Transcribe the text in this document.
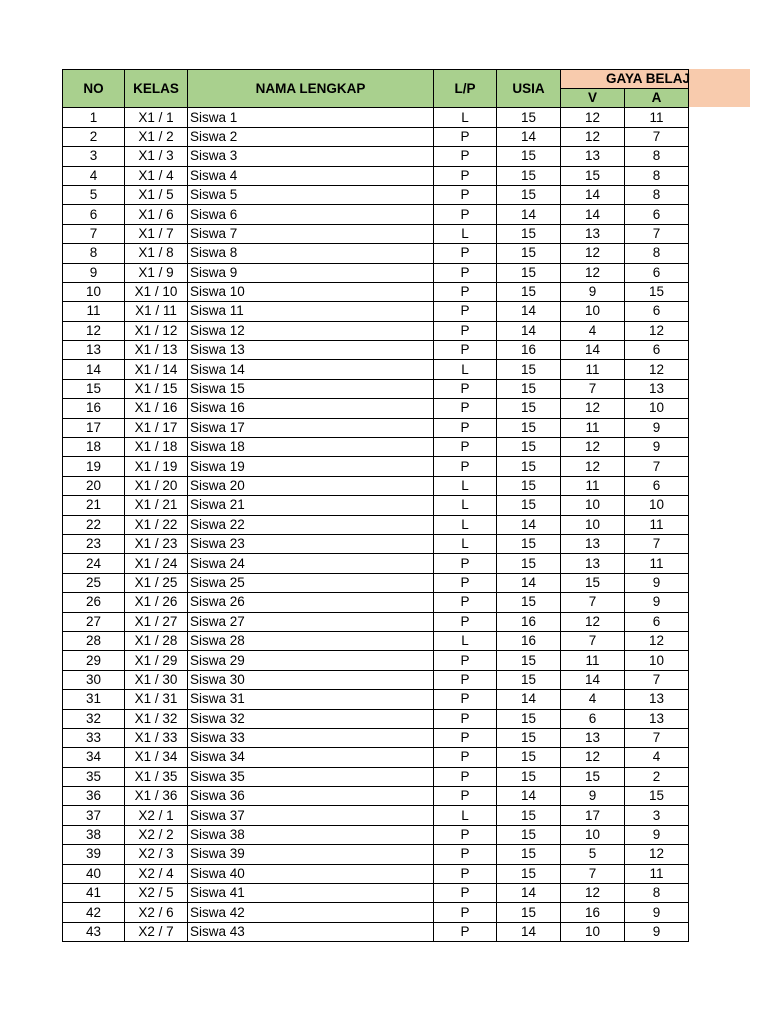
NO	KELAS	NAMA LENGKAP	L/P	USIA	GAYA BELAJ	
					V	A
1	X1 / 1	Siswa 1	L	15	12	11
2	X1 / 2	Siswa 2	P	14	12	7
3	X1 / 3	Siswa 3	P	15	13	8
4	X1 / 4	Siswa 4	P	15	15	8
5	X1 / 5	Siswa 5	P	15	14	8
6	X1 / 6	Siswa 6	P	14	14	6
7	X1 / 7	Siswa 7	L	15	13	7
8	X1 / 8	Siswa 8	P	15	12	8
9	X1 / 9	Siswa 9	P	15	12	6
10	X1 / 10	Siswa 10	P	15	9	15
11	X1 / 11	Siswa 11	P	14	10	6
12	X1 / 12	Siswa 12	P	14	4	12
13	X1 / 13	Siswa 13	P	16	14	6
14	X1 / 14	Siswa 14	L	15	11	12
15	X1 / 15	Siswa 15	P	15	7	13
16	X1 / 16	Siswa 16	P	15	12	10
17	X1 / 17	Siswa 17	P	15	11	9
18	X1 / 18	Siswa 18	P	15	12	9
19	X1 / 19	Siswa 19	P	15	12	7
20	X1 / 20	Siswa 20	L	15	11	6
21	X1 / 21	Siswa 21	L	15	10	10
22	X1 / 22	Siswa 22	L	14	10	11
23	X1 / 23	Siswa 23	L	15	13	7
24	X1 / 24	Siswa 24	P	15	13	11
25	X1 / 25	Siswa 25	P	14	15	9
26	X1 / 26	Siswa 26	P	15	7	9
27	X1 / 27	Siswa 27	P	16	12	6
28	X1 / 28	Siswa 28	L	16	7	12
29	X1 / 29	Siswa 29	P	15	11	10
30	X1 / 30	Siswa 30	P	15	14	7
31	X1 / 31	Siswa 31	P	14	4	13
32	X1 / 32	Siswa 32	P	15	6	13
33	X1 / 33	Siswa 33	P	15	13	7
34	X1 / 34	Siswa 34	P	15	12	4
35	X1 / 35	Siswa 35	P	15	15	2
36	X1 / 36	Siswa 36	P	14	9	15
37	X2 / 1	Siswa 37	L	15	17	3
38	X2 / 2	Siswa 38	P	15	10	9
39	X2 / 3	Siswa 39	P	15	5	12
40	X2 / 4	Siswa 40	P	15	7	11
41	X2 / 5	Siswa 41	P	14	12	8
42	X2 / 6	Siswa 42	P	15	16	9
43	X2 / 7	Siswa 43	P	14	10	9
